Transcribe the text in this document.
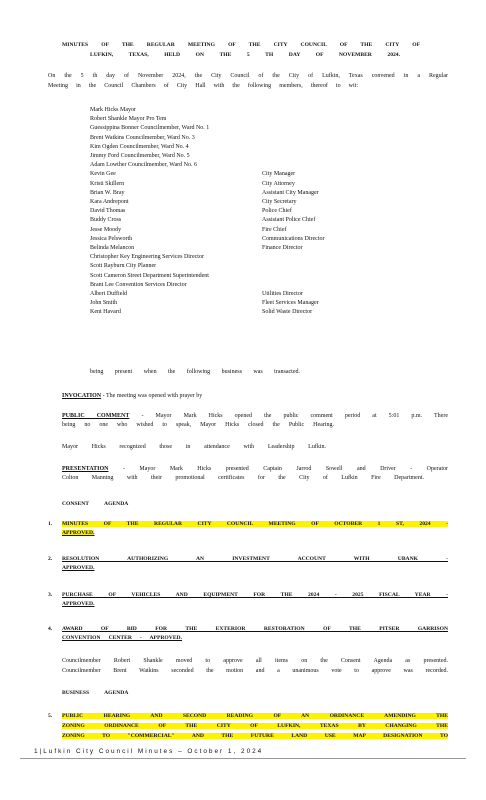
MINUTES OF THE REGULAR MEETING OF THE CITY COUNCIL OF THE CITY OF
LUFKIN, TEXAS, HELD ON THE 5 TH DAY OF NOVEMBER 2024.
On the 5 th day of November 2024, the City Council of the City of Lufkin, Texas convened in a Regular
Meeting in the Council Chambers of City Hall with the following members, thereof to wit:
Mark Hicks Mayor
Robert Shankle Mayor Pro Tem
Guessippina Bonner Councilmember, Ward No. 1
Brent Watkins Councilmember, Ward No. 3
Kim Ogden Councilmember, Ward No. 4
Jimmy Ford Councilmember, Ward No. 5
Adam Lowther Councilmember, Ward No. 6
Kevin Gee
Kristi Skillern
Brian W. Bray
Kara Andrepont
David Thomas
Buddy Cross
Jesse Moody
Jessica Pelsworth
Belinda Melancon
Christopher Key Engineering Services Director
Scott Rayburn City Planner
Scott Cameron Street Department Superintendent
Brant Lee Convention Services Director
Albert Duffield
John Smith
Kent Havard
City Manager
City Attorney
Assistant City Manager
City Secretary
Police Chief
Assistant Police Chief
Fire Chief
Communications Director
Finance Director
Utilities Director
Fleet Services Manager
Solid Waste Director
being present when the following business was transacted.
INVOCATION - The meeting was opened with prayer by
PUBLIC COMMENT - Mayor Mark Hicks opened the public comment period at 5:01 p.m. There
being no one who wished to speak, Mayor Hicks closed the Public Hearing.
Mayor Hicks recognized those in attendance with Leadership Lufkin.
PRESENTATION - Mayor Mark Hicks presented Captain Jarrod Sowell and Driver - Operator
Colton Manning with their promotional certificates for the City of Lufkin Fire Department.
CONSENT AGENDA
1. MINUTES OF THE REGULAR CITY COUNCIL MEETING OF OCTOBER 1 ST, 2024 -
APPROVED.
2. RESOLUTION AUTHORIZING AN INVESTMENT ACCOUNT WITH UBANK -
APPROVED.
3. PURCHASE OF VEHICLES AND EQUIPMENT FOR THE 2024 - 2025 FISCAL YEAR -
APPROVED.
4. AWARD OF BID FOR THE EXTERIOR RESTORATION OF THE PITSER GARRISON
CONVENTION CENTER - APPROVED.
Councilmember Robert Shankle moved to approve all items on the Consent Agenda as presented.
Councilmember Brent Watkins seconded the motion and a unanimous vote to approve was recorded.
BUSINESS AGENDA
5. PUBLIC HEARING AND SECOND READING OF AN ORDINANCE AMENDING THE
ZONING ORDINANCE OF THE CITY OF LUFKIN, TEXAS BY CHANGING THE
ZONING TO "COMMERCIAL" AND THE FUTURE LAND USE MAP DESIGNATION TO
1|Lufkin City Council Minutes – October 1, 2024
